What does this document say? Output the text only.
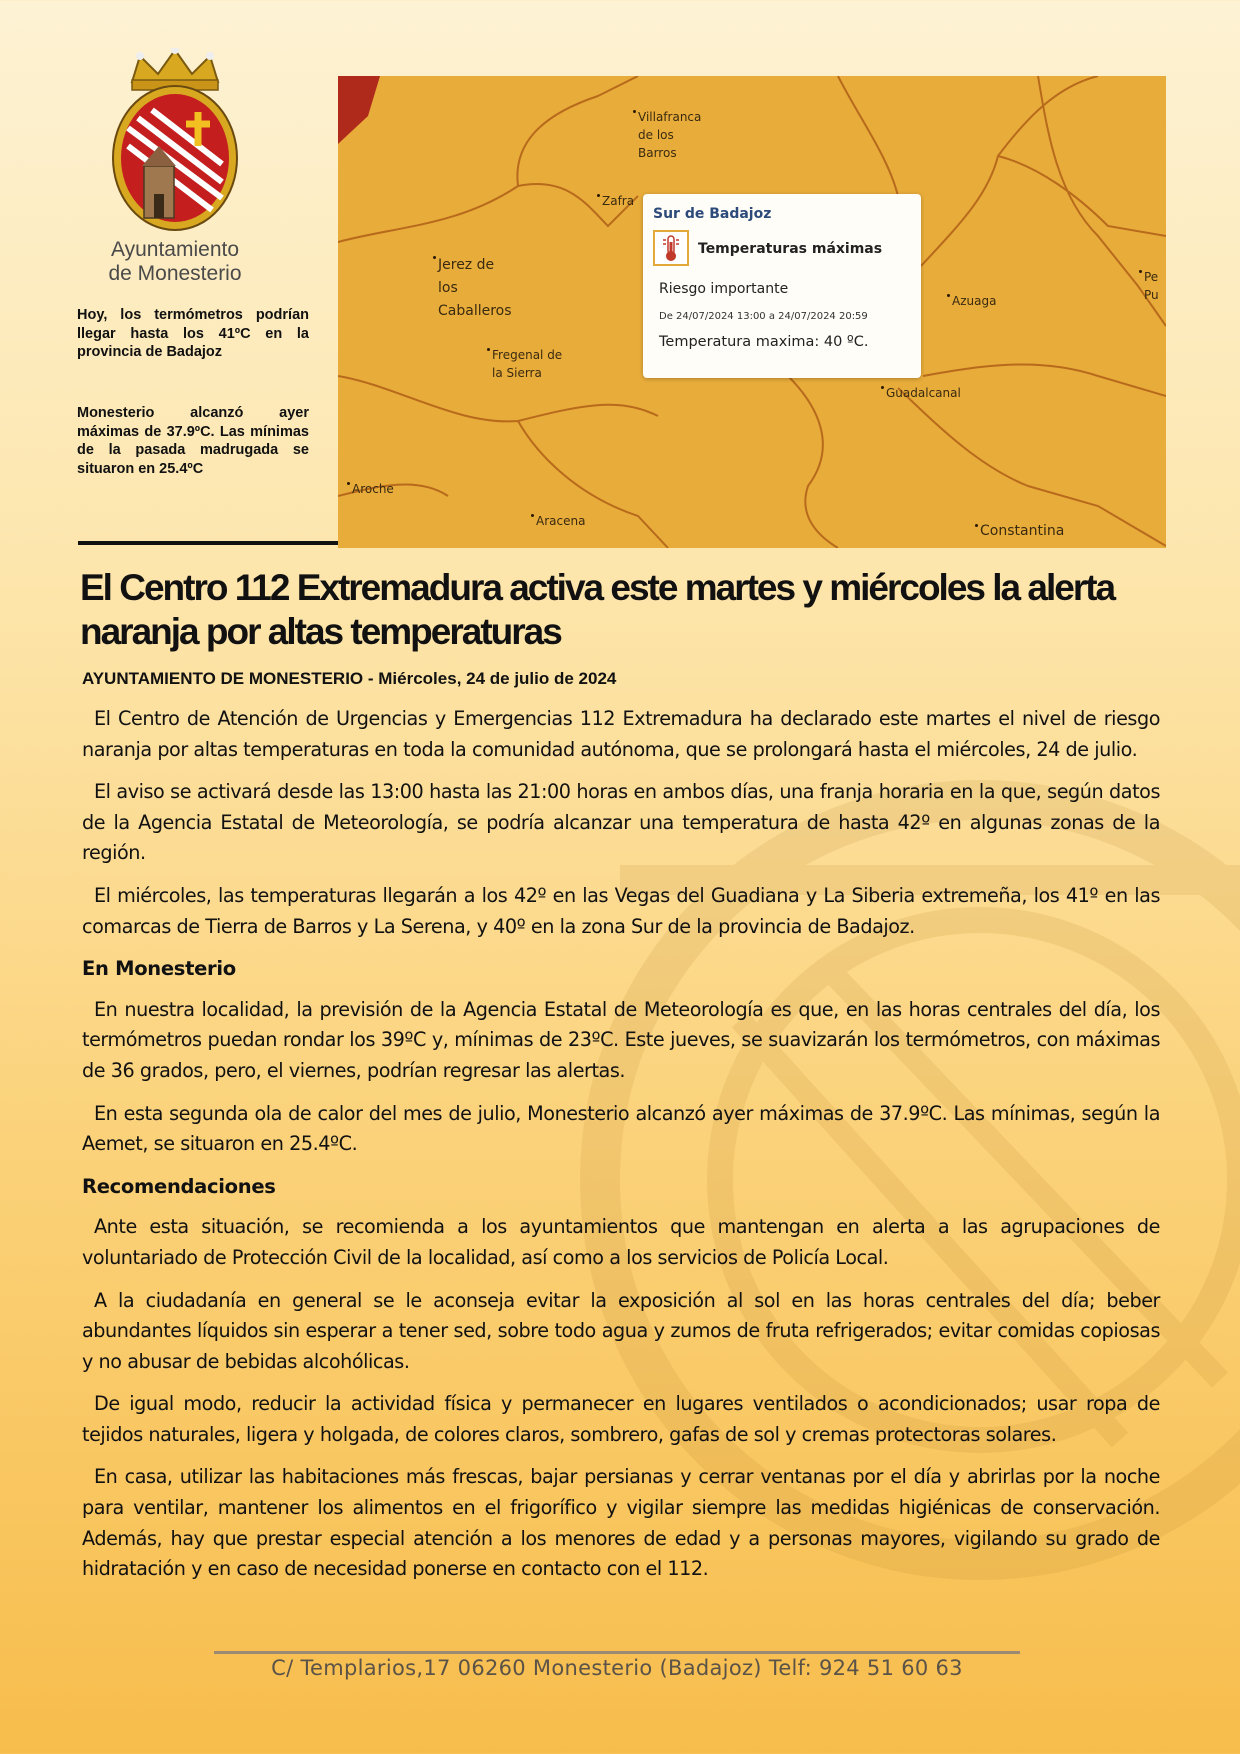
Ayuntamiento
de Monesterio
Hoy, los termómetros podrían llegar hasta los 41ºC en la provincia de Badajoz
Monesterio alcanzó ayer máximas de 37.9ºC. Las mínimas de la pasada madrugada se situaron en 25.4ºC
Villafranca
de los
Barros
Zafra
Jerez de
los
Caballeros
Fregenal de
la Sierra
Azuaga
Guadalcanal
Aroche
Aracena
Constantina
Pe
Pu
Sur de Badajoz
Temperaturas máximas
Riesgo importante
De 24/07/2024 13:00 a 24/07/2024 20:59
Temperatura maxima: 40 ºC.
El Centro 112 Extremadura activa este martes y miércoles la alerta naranja por altas temperaturas
AYUNTAMIENTO DE MONESTERIO - Miércoles, 24 de julio de 2024

El Centro de Atención de Urgencias y Emergencias 112 Extremadura ha declarado este martes el nivel de riesgo naranja por altas temperaturas en toda la comunidad autónoma, que se prolongará hasta el miércoles, 24 de julio.

El aviso se activará desde las 13:00 hasta las 21:00 horas en ambos días, una franja horaria en la que, según datos de la Agencia Estatal de Meteorología, se podría alcanzar una temperatura de hasta 42º en algunas zonas de la región.

El miércoles, las temperaturas llegarán a los 42º en las Vegas del Guadiana y La Siberia extremeña, los 41º en las comarcas de Tierra de Barros y La Serena, y 40º en la zona Sur de la provincia de Badajoz.

En Monesterio

En nuestra localidad, la previsión de la Agencia Estatal de Meteorología es que, en las horas centrales del día, los termómetros puedan rondar los 39ºC y, mínimas de 23ºC. Este jueves, se suavizarán los termómetros, con máximas de 36 grados, pero, el viernes, podrían regresar las alertas.

En esta segunda ola de calor del mes de julio, Monesterio alcanzó ayer máximas de 37.9ºC. Las mínimas, según la Aemet, se situaron en 25.4ºC.

Recomendaciones

Ante esta situación, se recomienda a los ayuntamientos que mantengan en alerta a las agrupaciones de voluntariado de Protección Civil de la localidad, así como a los servicios de Policía Local.

A la ciudadanía en general se le aconseja evitar la exposición al sol en las horas centrales del día; beber abundantes líquidos sin esperar a tener sed, sobre todo agua y zumos de fruta refrigerados; evitar comidas copiosas y no abusar de bebidas alcohólicas.

De igual modo, reducir la actividad física y permanecer en lugares ventilados o acondicionados; usar ropa de tejidos naturales, ligera y holgada, de colores claros, sombrero, gafas de sol y cremas protectoras solares.

En casa, utilizar las habitaciones más frescas, bajar persianas y cerrar ventanas por el día y abrirlas por la noche para ventilar, mantener los alimentos en el frigorífico y vigilar siempre las medidas higiénicas de conservación. Además, hay que prestar especial atención a los menores de edad y a personas mayores, vigilando su grado de hidratación y en caso de necesidad ponerse en contacto con el 112.

C/ Templarios,17 06260 Monesterio (Badajoz) Telf: 924 51 60 63
